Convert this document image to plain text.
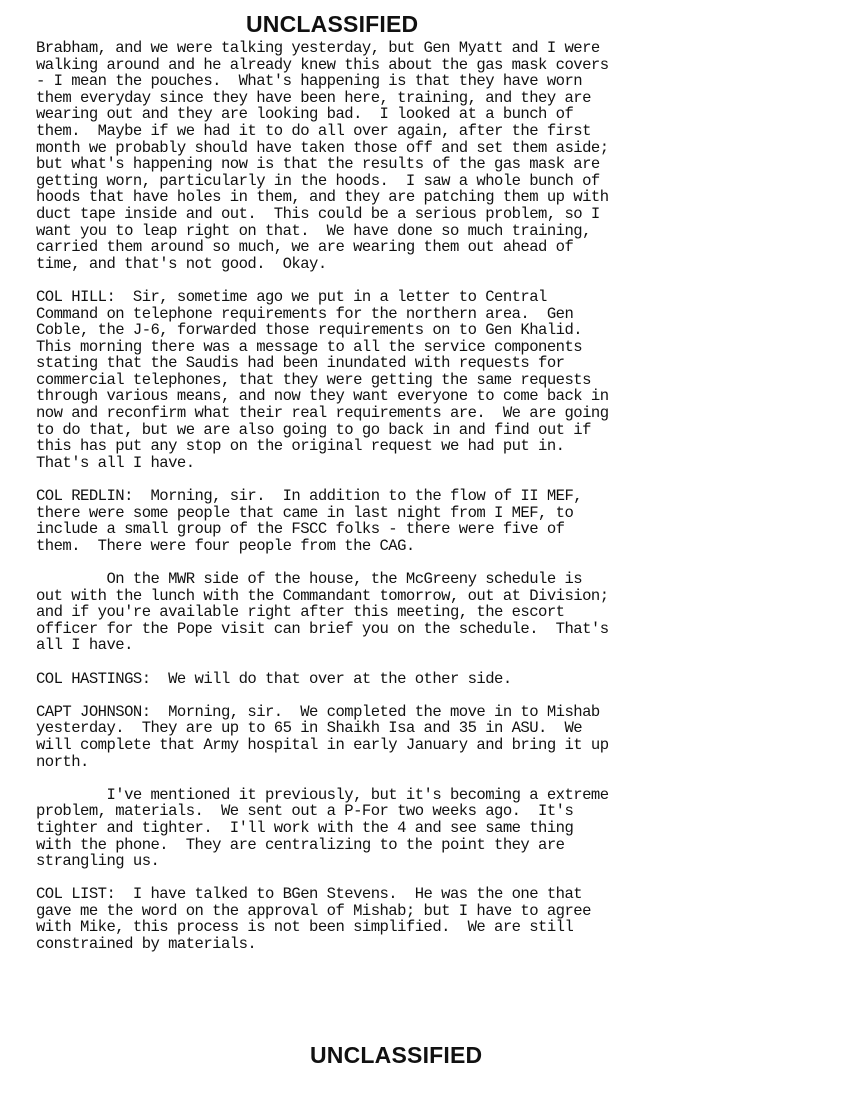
UNCLASSIFIED
Brabham, and we were talking yesterday, but Gen Myatt and I were
walking around and he already knew this about the gas mask covers
- I mean the pouches.  What's happening is that they have worn
them everyday since they have been here, training, and they are
wearing out and they are looking bad.  I looked at a bunch of
them.  Maybe if we had it to do all over again, after the first
month we probably should have taken those off and set them aside;
but what's happening now is that the results of the gas mask are
getting worn, particularly in the hoods.  I saw a whole bunch of
hoods that have holes in them, and they are patching them up with
duct tape inside and out.  This could be a serious problem, so I
want you to leap right on that.  We have done so much training,
carried them around so much, we are wearing them out ahead of
time, and that's not good.  Okay.
COL HILL:  Sir, sometime ago we put in a letter to Central
Command on telephone requirements for the northern area.  Gen
Coble, the J-6, forwarded those requirements on to Gen Khalid.
This morning there was a message to all the service components
stating that the Saudis had been inundated with requests for
commercial telephones, that they were getting the same requests
through various means, and now they want everyone to come back in
now and reconfirm what their real requirements are.  We are going
to do that, but we are also going to go back in and find out if
this has put any stop on the original request we had put in.
That's all I have.
COL REDLIN:  Morning, sir.  In addition to the flow of II MEF,
there were some people that came in last night from I MEF, to
include a small group of the FSCC folks - there were five of
them.  There were four people from the CAG.
On the MWR side of the house, the McGreeny schedule is
out with the lunch with the Commandant tomorrow, out at Division;
and if you're available right after this meeting, the escort
officer for the Pope visit can brief you on the schedule.  That's
all I have.
COL HASTINGS:  We will do that over at the other side.
CAPT JOHNSON:  Morning, sir.  We completed the move in to Mishab
yesterday.  They are up to 65 in Shaikh Isa and 35 in ASU.  We
will complete that Army hospital in early January and bring it up
north.
I've mentioned it previously, but it's becoming a extreme
problem, materials.  We sent out a P-For two weeks ago.  It's
tighter and tighter.  I'll work with the 4 and see same thing
with the phone.  They are centralizing to the point they are
strangling us.
COL LIST:  I have talked to BGen Stevens.  He was the one that
gave me the word on the approval of Mishab; but I have to agree
with Mike, this process is not been simplified.  We are still
constrained by materials.
UNCLASSIFIED
